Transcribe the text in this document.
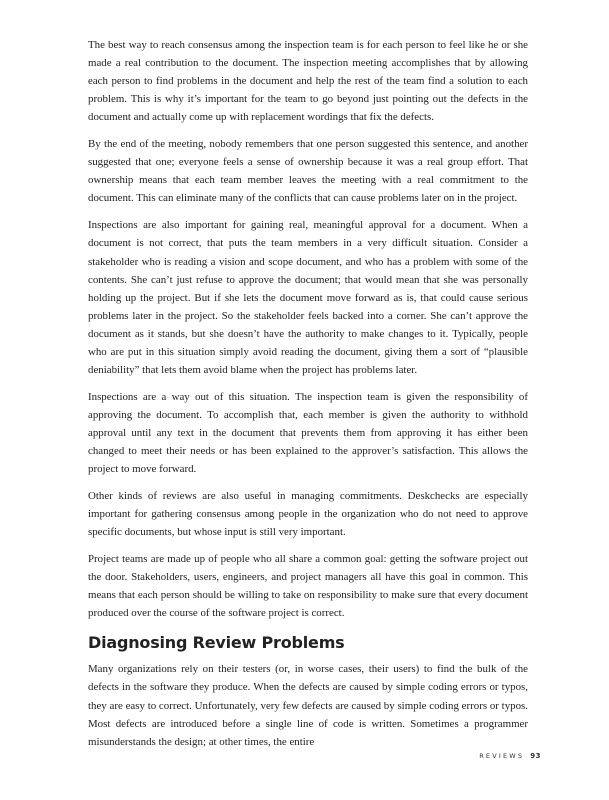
The best way to reach consensus among the inspection team is for each person to feel like he or she made a real contribution to the document. The inspection meeting accomplishes that by allowing each person to find problems in the document and help the rest of the team find a solution to each problem. This is why it’s important for the team to go beyond just pointing out the defects in the document and actually come up with replacement wordings that fix the defects.

By the end of the meeting, nobody remembers that one person suggested this sentence, and another suggested that one; everyone feels a sense of ownership because it was a real group effort. That ownership means that each team member leaves the meeting with a real commitment to the document. This can eliminate many of the conflicts that can cause problems later on in the project.

Inspections are also important for gaining real, meaningful approval for a document. When a document is not correct, that puts the team members in a very difficult situation. Consider a stakeholder who is reading a vision and scope document, and who has a problem with some of the contents. She can’t just refuse to approve the document; that would mean that she was personally holding up the project. But if she lets the document move forward as is, that could cause serious problems later in the project. So the stakeholder feels backed into a corner. She can’t approve the document as it stands, but she doesn’t have the authority to make changes to it. Typically, people who are put in this situation simply avoid reading the document, giving them a sort of “plausible deniability” that lets them avoid blame when the project has problems later.

Inspections are a way out of this situation. The inspection team is given the responsibility of approving the document. To accomplish that, each member is given the authority to withhold approval until any text in the document that prevents them from approving it has either been changed to meet their needs or has been explained to the approver’s satisfaction. This allows the project to move forward.

Other kinds of reviews are also useful in managing commitments. Deskchecks are especially important for gathering consensus among people in the organization who do not need to approve specific documents, but whose input is still very important.

Project teams are made up of people who all share a common goal: getting the software project out the door. Stakeholders, users, engineers, and project managers all have this goal in common. This means that each person should be willing to take on responsibility to make sure that every document produced over the course of the software project is correct.

Diagnosing Review Problems

Many organizations rely on their testers (or, in worse cases, their users) to find the bulk of the defects in the software they produce. When the defects are caused by simple coding errors or typos, they are easy to correct. Unfortunately, very few defects are caused by simple coding errors or typos. Most defects are introduced before a single line of code is written. Sometimes a programmer misunderstands the design; at other times, the entire

REVIEWS 93
